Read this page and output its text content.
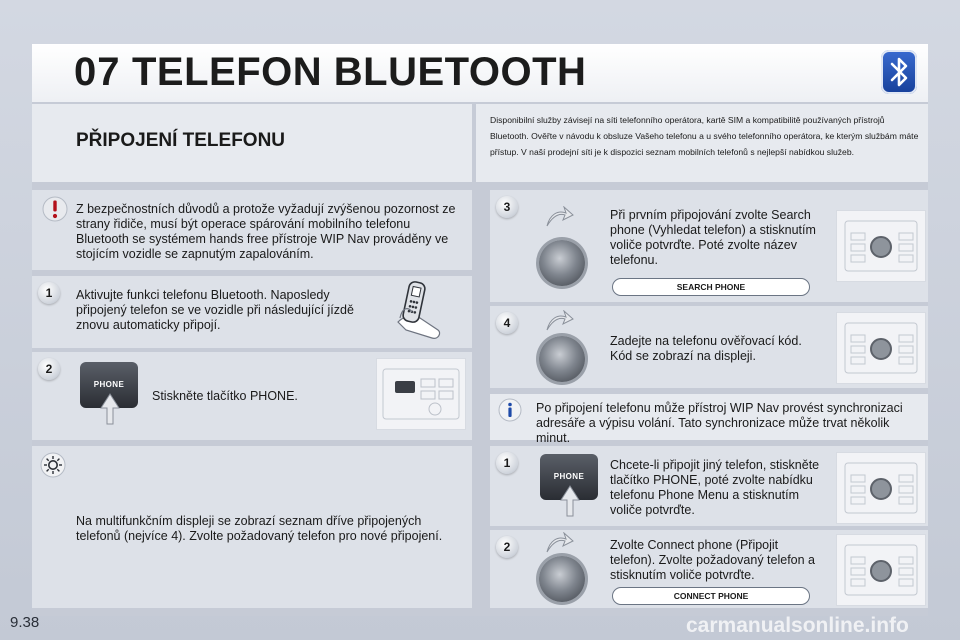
07 TELEFON BLUETOOTH
PŘIPOJENÍ TELEFONU
Disponibilní služby závisejí na síti telefonního operátora, kartě SIM a kompatibilitě používaných přístrojů Bluetooth. Ověřte v návodu k obsluze Vašeho telefonu a u svého telefonního operátora, ke kterým službám máte přístup. V naší prodejní síti je k dispozici seznam mobilních telefonů s nejlepší nabídkou služeb.
Z bezpečnostních důvodů a protože vyžadují zvýšenou pozornost ze strany řidiče, musí být operace spárování mobilního telefonu Bluetooth se systémem hands free přístroje WIP Nav prováděny ve stojícím vozidle se zapnutým zapalováním.
1	Aktivujte funkci telefonu Bluetooth. Naposledy připojený telefon se ve vozidle při následující jízdě znovu automaticky připojí.
2
PHONE
Stiskněte tlačítko PHONE.
Na multifunkčním displeji se zobrazí seznam dříve připojených telefonů (nejvíce 4). Zvolte požadovaný telefon pro nové připojení.
3
Při prvním připojování zvolte Search phone (Vyhledat telefon) a stisknutím voliče potvrďte. Poté zvolte název telefonu.
SEARCH PHONE
4
Zadejte na telefonu ověřovací kód. Kód se zobrazí na displeji.
Po připojení telefonu může přístroj WIP Nav provést synchronizaci adresáře a výpisu volání. Tato synchronizace může trvat několik minut.
1
PHONE
Chcete-li připojit jiný telefon, stiskněte tlačítko PHONE, poté zvolte nabídku telefonu Phone Menu a stisknutím voliče potvrďte.
2	Zvolte Connect phone (Připojit telefon). Zvolte požadovaný telefon a stisknutím voliče potvrďte.
CONNECT PHONE
9.38	carmanualsonline.info
